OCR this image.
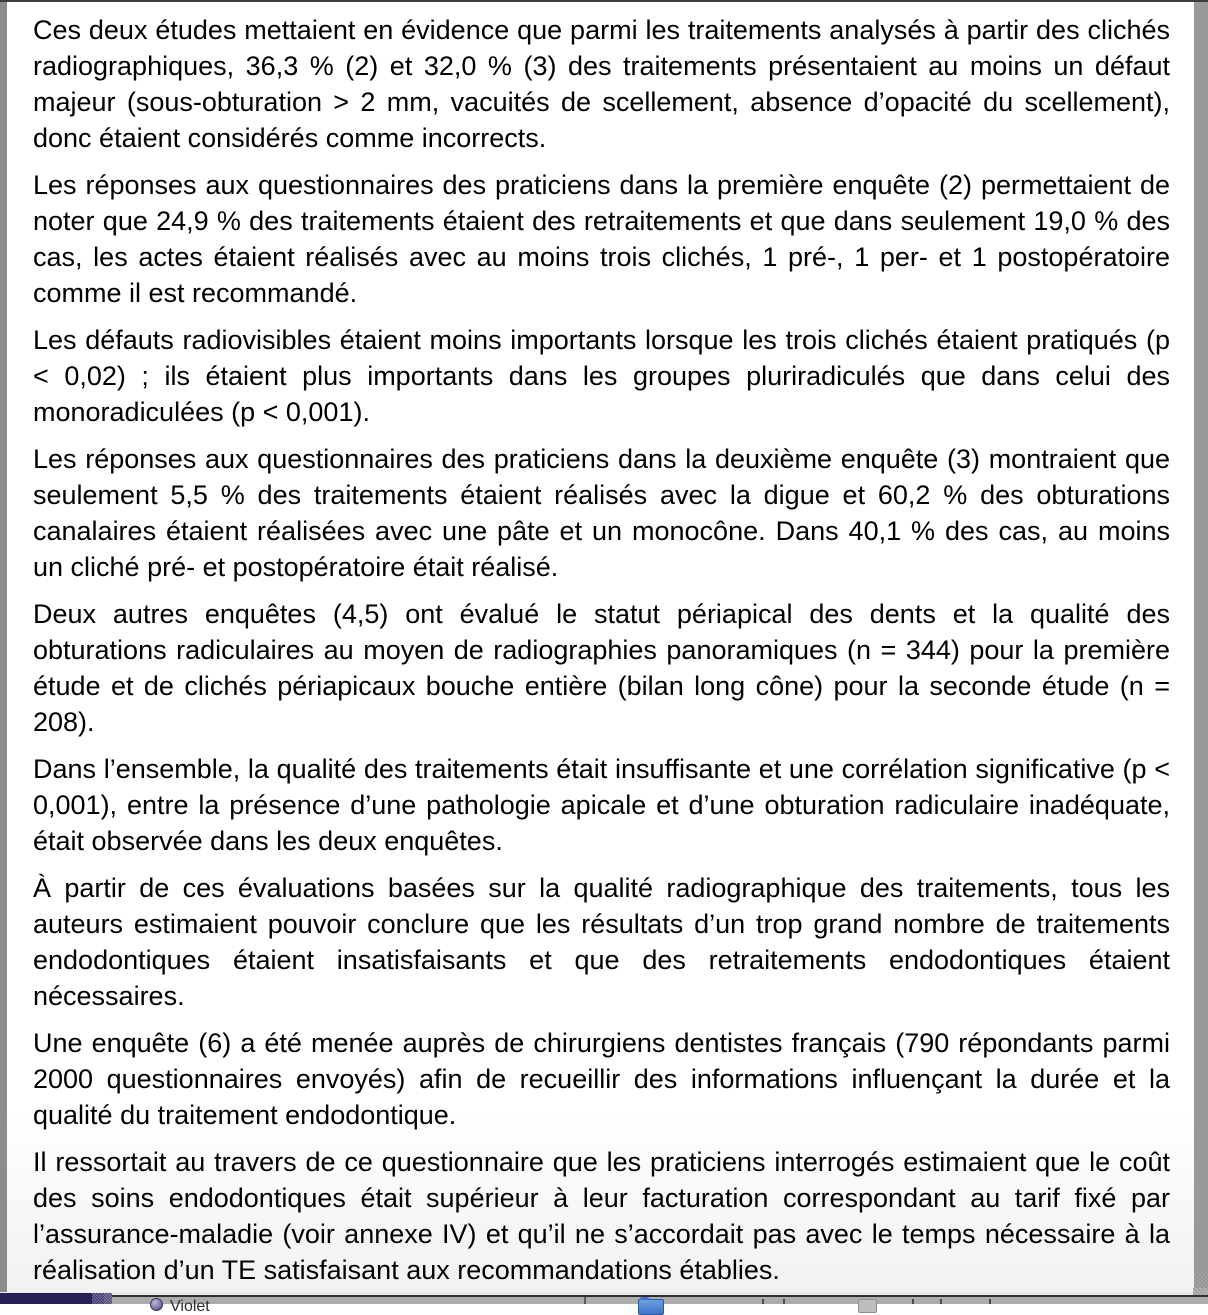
Ces deux études mettaient en évidence que parmi les traitements analysés à partir des clichés radiographiques, 36,3 % (2) et 32,0 % (3) des traitements présentaient au moins un défaut majeur (sous-obturation > 2 mm, vacuités de scellement, absence d’opacité du scellement), donc étaient considérés comme incorrects.

Les réponses aux questionnaires des praticiens dans la première enquête (2) permettaient de noter que 24,9 % des traitements étaient des retraitements et que dans seulement 19,0 % des cas, les actes étaient réalisés avec au moins trois clichés, 1 pré-, 1 per- et 1 postopératoire comme il est recommandé.

Les défauts radiovisibles étaient moins importants lorsque les trois clichés étaient pratiqués (p < 0,02) ; ils étaient plus importants dans les groupes pluriradiculés que dans celui des monoradiculées (p < 0,001).

Les réponses aux questionnaires des praticiens dans la deuxième enquête (3) montraient que seulement 5,5 % des traitements étaient réalisés avec la digue et 60,2 % des obturations canalaires étaient réalisées avec une pâte et un monocône. Dans 40,1 % des cas, au moins un cliché pré- et postopératoire était réalisé.

Deux autres enquêtes (4,5) ont évalué le statut périapical des dents et la qualité des obturations radiculaires au moyen de radiographies panoramiques (n = 344) pour la première étude et de clichés périapicaux bouche entière (bilan long cône) pour la seconde étude (n = 208).

Dans l’ensemble, la qualité des traitements était insuffisante et une corrélation significative (p < 0,001), entre la présence d’une pathologie apicale et d’une obturation radiculaire inadéquate, était observée dans les deux enquêtes.

À partir de ces évaluations basées sur la qualité radiographique des traitements, tous les auteurs estimaient pouvoir conclure que les résultats d’un trop grand nombre de traitements endodontiques étaient insatisfaisants et que des retraitements endodontiques étaient nécessaires.

Une enquête (6) a été menée auprès de chirurgiens dentistes français (790 répondants parmi 2000 questionnaires envoyés) afin de recueillir des informations influençant la durée et la qualité du traitement endodontique.

Il ressortait au travers de ce questionnaire que les praticiens interrogés estimaient que le coût des soins endodontiques était supérieur à leur facturation correspondant au tarif fixé par l’assurance-maladie (voir annexe IV) et qu’il ne s’accordait pas avec le temps nécessaire à la réalisation d’un TE satisfaisant aux recommandations établies.

Violet
